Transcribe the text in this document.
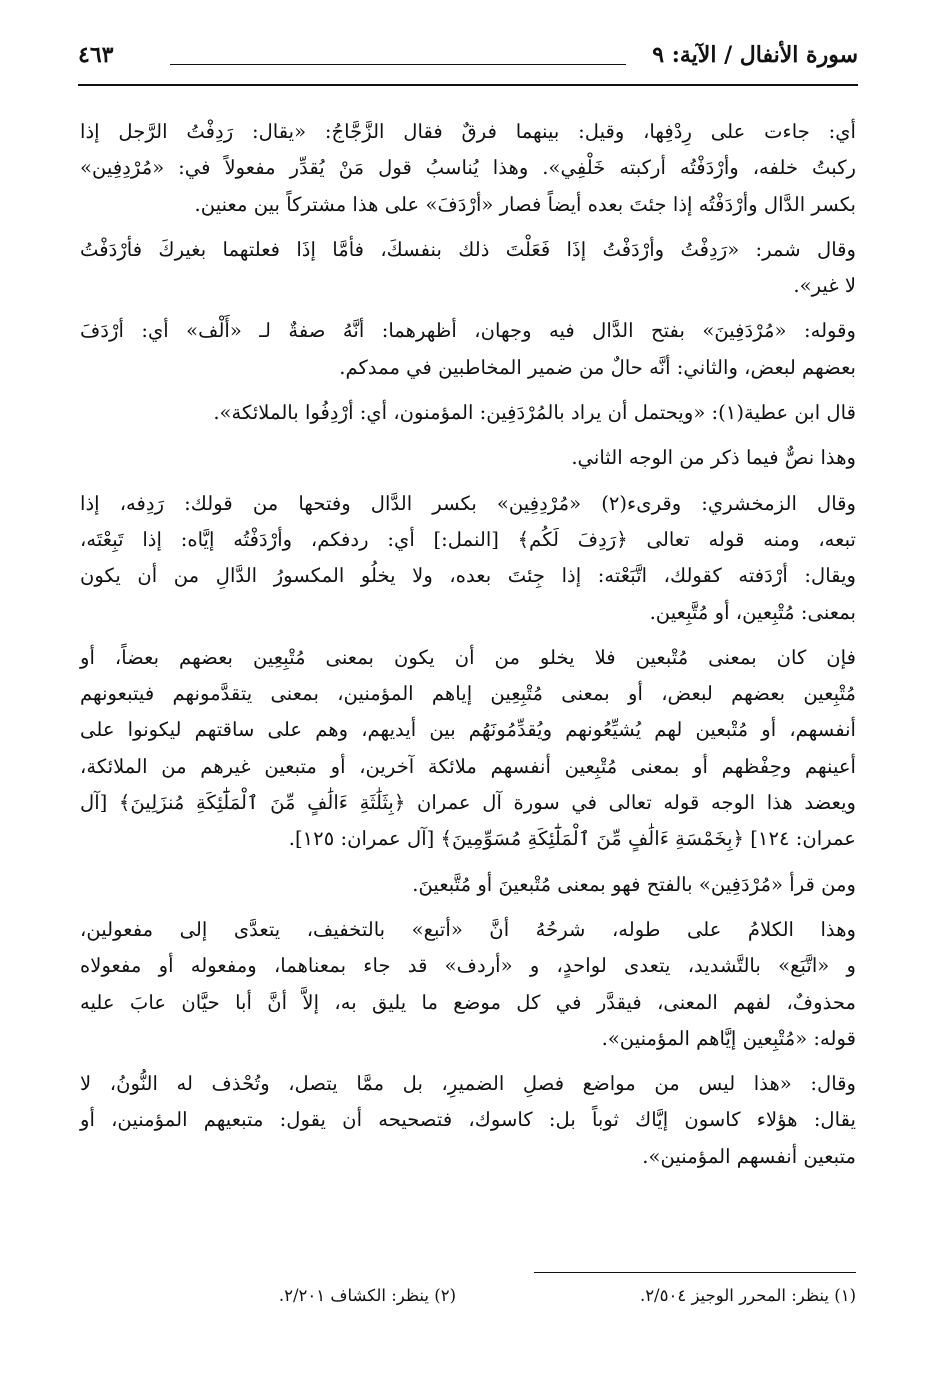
سورة الأنفال / الآية: ٩
٤٦٣
أي: جاءت على رِدْفِها، وقيل: بينهما فرقٌ فقال الزَّجَّاجُ: «يقال: رَدِفْتُ الرَّجل إذا
ركبتُ خلفه، وأرْدَفْتُه أركبته خَلْفِي». وهذا يُناسبُ قول مَنْ يُقدِّر مفعولاً في: «مُرْدِفِين»
بكسر الدَّال وأرْدَفْتُه إذا جئتَ بعده أيضاً فصار «أرْدَفَ» على هذا مشتركاً بين معنين.
وقال شمر: «رَدِفْتُ وأرْدَفْتُ إذَا فَعَلْتَ ذلك بنفسكَ، فأمَّا إذَا فعلتهما بغيركَ فأرْدَفْتُ
لا غير».
وقوله: «مُرْدَفِينَ» بفتح الدَّال فيه وجهان، أظهرهما: أنَّهُ صفةٌ لـ «أَلْف» أي: أرْدَفَ
بعضهم لبعض، والثاني: أنَّه حالٌ من ضمير المخاطبين في ممدكم.
قال ابن عطية(١): «ويحتمل أن يراد بالمُرْدَفِين: المؤمنون، أي: أرْدِفُوا بالملائكة».
وهذا نصٌّ فيما ذكر من الوجه الثاني.
وقال الزمخشري: وقرىء(٢) «مُرْدِفِين» بكسر الدَّال وفتحها من قولك: رَدِفه، إذا
تبعه، ومنه قوله تعالى ﴿رَدِفَ لَكُم﴾ [النمل:] أي: ردفكم، وأرْدَفْتُه إيَّاه: إذا تَبِعْتَه،
ويقال: أرْدَفته كقولك، اتَّبَعْته: إذا جِئتَ بعده، ولا يخلُو المكسورُ الدَّالِ من أن يكون
بمعنى: مُتْبِعين، أو مُتَّبِعين.
فإن كان بمعنى مُتْبعين فلا يخلو من أن يكون بمعنى مُتْبِعِين بعضهم بعضاً، أو
مُتْبِعين بعضهم لبعض، أو بمعنى مُتْبِعِين إياهم المؤمنين، بمعنى يتقدَّمونهم فيتبعونهم
أنفسهم، أو مُتْبعين لهم يُشيِّعُونهم ويُقدِّمُونَهُم بين أيديهم، وهم على ساقتهم ليكونوا على
أعينهم وحِفْظهم أو بمعنى مُتْبِعين أنفسهم ملائكة آخرين، أو متبعين غيرهم من الملائكة،
ويعضد هذا الوجه قوله تعالى في سورة آل عمران ﴿بِثَلَٰثَةِ ءَالَٰفٍ مِّنَ ٱلْمَلَٰٓئِكَةِ مُنزَلِينَ﴾ [آل
عمران: ١٢٤] ﴿بِخَمْسَةِ ءَالَٰفٍ مِّنَ ٱلْمَلَٰٓئِكَةِ مُسَوِّمِينَ﴾ [آل عمران: ١٢٥].
ومن قرأ «مُرْدَفِين» بالفتح فهو بمعنى مُتْبعينَ أو مُتَّبعينَ.
وهذا الكلامُ على طوله، شرحُهُ أنَّ «أتبع» بالتخفيف، يتعدَّى إلى مفعولين،
و «اتَّبَع» بالتَّشديد، يتعدى لواحدٍ، و «أردف» قد جاء بمعناهما، ومفعوله أو مفعولاه
محذوفٌ، لفهم المعنى، فيقدَّر في كل موضع ما يليق به، إلاَّ أنَّ أبا حيَّان عابَ عليه
قوله: «مُتْبِعين إيَّاهم المؤمنين».
وقال: «هذا ليس من مواضع فصلِ الضميرِ، بل ممَّا يتصل، وتُحْذف له النُّونُ، لا
يقال: هؤلاء كاسون إيَّاك ثوباً بل: كاسوك، فتصحيحه أن يقول: متبعيهم المؤمنين، أو
متبعين أنفسهم المؤمنين».
(١) ينظر: المحرر الوجيز ٢/٥٠٤.
(٢) ينظر: الكشاف ٢/٢٠١.
